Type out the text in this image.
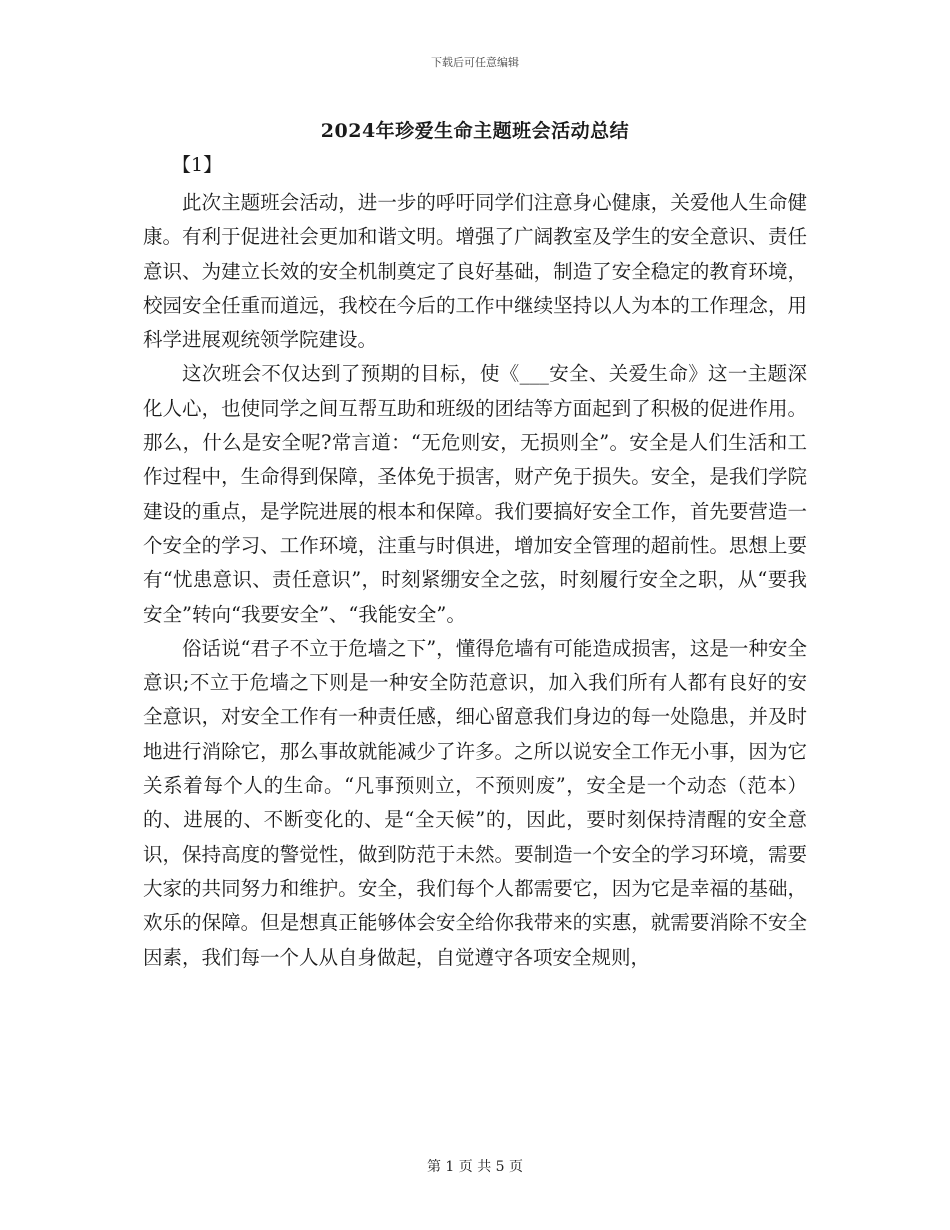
下载后可任意编辑
2024年珍爱生命主题班会活动总结
【1】

此次主题班会活动，进一步的呼吁同学们注意身心健康，关爱他人生命健康。有利于促进社会更加和谐文明。增强了广阔教室及学生的安全意识、责任意识、为建立长效的安全机制奠定了良好基础，制造了安全稳定的教育环境，校园安全任重而道远，我校在今后的工作中继续坚持以人为本的工作理念，用科学进展观统领学院建设。

这次班会不仅达到了预期的目标，使《___安全、关爱生命》这一主题深化人心，也使同学之间互帮互助和班级的团结等方面起到了积极的促进作用。那么，什么是安全呢?常言道：“无危则安，无损则全”。安全是人们生活和工作过程中，生命得到保障，圣体免于损害，财产免于损失。安全，是我们学院建设的重点，是学院进展的根本和保障。我们要搞好安全工作，首先要营造一个安全的学习、工作环境，注重与时俱进，增加安全管理的超前性。思想上要有“忧患意识、责任意识”，时刻紧绷安全之弦，时刻履行安全之职，从“要我安全”转向“我要安全”、“我能安全”。

俗话说“君子不立于危墙之下”，懂得危墙有可能造成损害，这是一种安全意识;不立于危墙之下则是一种安全防范意识，加入我们所有人都有良好的安全意识，对安全工作有一种责任感，细心留意我们身边的每一处隐患，并及时地进行消除它，那么事故就能减少了许多。之所以说安全工作无小事，因为它关系着每个人的生命。“凡事预则立，不预则废”，安全是一个动态（范本）的、进展的、不断变化的、是“全天候”的，因此，要时刻保持清醒的安全意识，保持高度的警觉性，做到防范于未然。要制造一个安全的学习环境，需要大家的共同努力和维护。安全，我们每个人都需要它，因为它是幸福的基础，欢乐的保障。但是想真正能够体会安全给你我带来的实惠，就需要消除不安全因素，我们每一个人从自身做起，自觉遵守各项安全规则，

第 1 页 共 5 页
